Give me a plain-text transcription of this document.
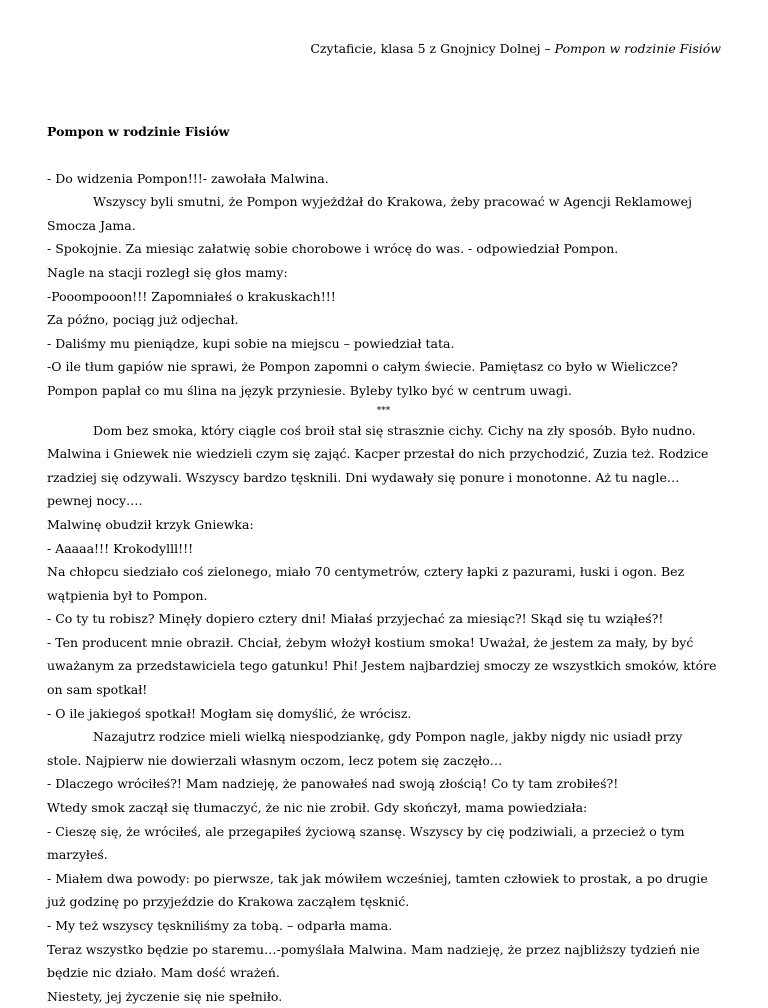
Czytaficie, klasa 5 z Gnojnicy Dolnej – Pompon w rodzinie Fisiów
Pompon w rodzinie Fisiów

- Do widzenia Pompon!!!- zawołała Malwina.

Wszyscy byli smutni, że Pompon wyjeżdżał do Krakowa, żeby pracować w Agencji Reklamowej Smocza Jama.

- Spokojnie. Za miesiąc załatwię sobie chorobowe i wrócę do was. - odpowiedział Pompon.

Nagle na stacji rozległ się głos mamy:

-Pooompooon!!! Zapomniałeś o krakuskach!!!

Za późno, pociąg już odjechał.

- Daliśmy mu pieniądze, kupi sobie na miejscu – powiedział tata.

-O ile tłum gapiów nie sprawi, że Pompon zapomni o całym świecie. Pamiętasz co było w Wieliczce? Pompon paplał co mu ślina na język przyniesie. Byleby tylko być w centrum uwagi.

***

Dom bez smoka, który ciągle coś broił stał się strasznie cichy. Cichy na zły sposób. Było nudno. Malwina i Gniewek nie wiedzieli czym się zająć. Kacper przestał do nich przychodzić, Zuzia też. Rodzice rzadziej się odzywali. Wszyscy bardzo tęsknili. Dni wydawały się ponure i monotonne. Aż tu nagle…pewnej nocy….

Malwinę obudził krzyk Gniewka:

- Aaaaa!!! Krokodylll!!!

Na chłopcu siedziało coś zielonego, miało 70 centymetrów, cztery łapki z pazurami, łuski i ogon. Bez wątpienia był to Pompon.

- Co ty tu robisz? Minęły dopiero cztery dni! Miałaś przyjechać za miesiąc?! Skąd się tu wziąłeś?!

- Ten producent mnie obraził. Chciał, żebym włożył kostium smoka! Uważał, że jestem za mały, by być uważanym za przedstawiciela tego gatunku! Phi! Jestem najbardziej smoczy ze wszystkich smoków, które on sam spotkał!

- O ile jakiegoś spotkał! Mogłam się domyślić, że wrócisz.

Nazajutrz rodzice mieli wielką niespodziankę, gdy Pompon nagle, jakby nigdy nic usiadł przy stole. Najpierw nie dowierzali własnym oczom, lecz potem się zaczęło…

- Dlaczego wróciłeś?! Mam nadzieję, że panowałeś nad swoją złością! Co ty tam zrobiłeś?!

Wtedy smok zaczął się tłumaczyć, że nic nie zrobił. Gdy skończył, mama powiedziała:

- Cieszę się, że wróciłeś, ale przegapiłeś życiową szansę. Wszyscy by cię podziwiali, a przecież o tym marzyłeś.

- Miałem dwa powody: po pierwsze, tak jak mówiłem wcześniej, tamten człowiek to prostak, a po drugie już godzinę po przyjeździe do Krakowa zacząłem tęsknić.

- My też wszyscy tęskniliśmy za tobą. – odparła mama.

Teraz wszystko będzie po staremu…-pomyślała Malwina. Mam nadzieję, że przez najbliższy tydzień nie będzie nic działo. Mam dość wrażeń.

Niestety, jej życzenie się nie spełniło.
